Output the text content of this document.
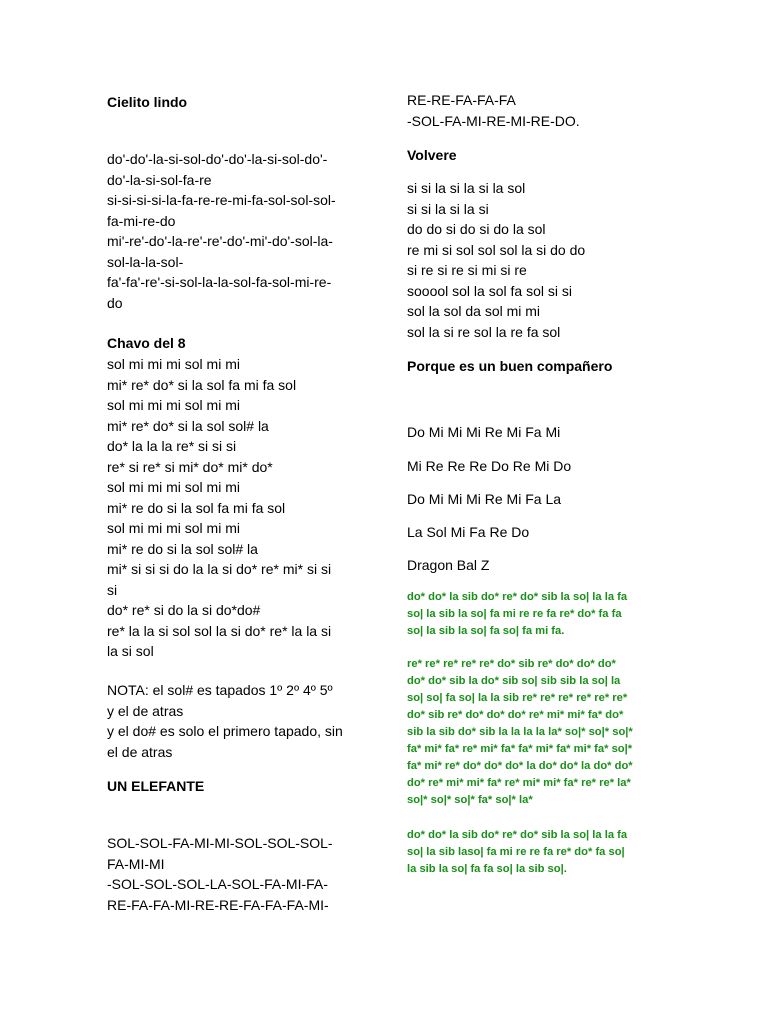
Cielito lindo

do'-do'-la-si-sol-do'-do'-la-si-sol-do'-
do'-la-si-sol-fa-re
si-si-si-si-la-fa-re-re-mi-fa-sol-sol-sol-
fa-mi-re-do
mi'-re'-do'-la-re'-re'-do'-mi'-do'-sol-la-
sol-la-la-sol-
fa'-fa'-re'-si-sol-la-la-sol-fa-sol-mi-re-
do

Chavo del 8

sol mi mi mi sol mi mi
mi* re* do* si la sol fa mi fa sol
sol mi mi mi sol mi mi
mi* re* do* si la sol sol# la
do* la la la re* si si si
re* si re* si mi* do* mi* do*
sol mi mi mi sol mi mi
mi* re do si la sol fa mi fa sol
sol mi mi mi sol mi mi
mi* re do si la sol sol# la
mi* si si si do la la si do* re* mi* si si
si
do* re* si do la si do*do#
re* la la si sol sol la si do* re* la la si
la si sol
NOTA: el sol# es tapados 1º 2º 4º 5º
y el de atras
y el do# es solo el primero tapado, sin
el de atras

UN ELEFANTE

SOL-SOL-FA-MI-MI-SOL-SOL-SOL-
FA-MI-MI
-SOL-SOL-SOL-LA-SOL-FA-MI-FA-
RE-FA-FA-MI-RE-RE-FA-FA-FA-MI-
RE-RE-FA-FA-FA
-SOL-FA-MI-RE-MI-RE-DO.

Volvere

si si la si la si la sol
si si la si la si
do do si do si do la sol
re mi si sol sol sol la si do do
si re si re si mi si re
sooool sol la sol fa sol si si
sol la sol da sol mi mi
sol la si re sol la re fa sol

Porque es un buen compañero

Do Mi Mi Mi Re Mi Fa Mi
Mi Re Re Re Do Re Mi Do
Do Mi Mi Mi Re Mi Fa La
La Sol Mi Fa Re Do
Dragon Bal Z
do* do* la sib do* re* do* sib la so| la la fa
so| la sib la so| fa mi re re fa re* do* fa fa
so| la sib la so| fa so| fa mi fa.
re* re* re* re* re* do* sib re* do* do* do*
do* do* sib la do* sib so| sib sib la so| la
so| so| fa so| la la sib re* re* re* re* re* re*
do* sib re* do* do* do* re* mi* mi* fa* do*
sib la sib do* sib la la la la la* so|* so|* so|*
fa* mi* fa* re* mi* fa* fa* mi* fa* mi* fa* so|*
fa* mi* re* do* do* do* la do* do* la do* do*
do* re* mi* mi* fa* re* mi* mi* fa* re* re* la*
so|* so|* so|* fa* so|* la*
do* do* la sib do* re* do* sib la so| la la fa
so| la sib laso| fa mi re re fa re* do* fa so|
la sib la so| fa fa so| la sib so|.
